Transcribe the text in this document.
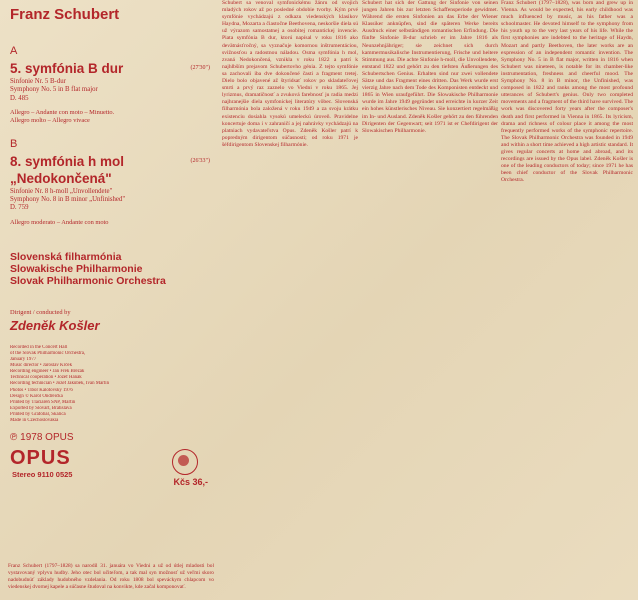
Franz Schubert
A
5. symfónia B dur	(27'30")
Sinfonie Nr. 5 B-dur
Symphony No. 5 in B flat major
D. 485
Allegro – Andante con moto – Minuetto.
Allegro molto – Allegro vivace
B
8. symfónia h mol	(26'33")
„Nedokončená"
Sinfonie Nr. 8 h-moll „Unvollendete"
Symphony No. 8 in B minor „Unfinished"
D. 759
Allegro moderato – Andante con moto
Slovenská filharmónia
Slowakische Philharmonie
Slovak Philharmonic Orchestra
Dirigent / conducted by
Zdeněk Košler
Recorded in the Concert Hall
of the Slovak Philharmonic Orchestra,
January 1977
Music director • Jaroslav Krček
Recording engineer • Jan Frek Brezák
Technical cooperation • Jozef Hanák
Recording technician • Jozef Jakúbek, Ivan Martin
Photos • Tibor Kalotovský 1976
Design © Karol Ondreička
Printed by Tlačiareň SNP, Martin
Exported by Slovart, Bratislava
Printed by Grafobal, Skalica
Made in Czechoslovakia
℗ 1978 OPUS
OPUS
Stereo 9110 0525
Kčs 36,-

Franz Schubert (1797–1828) sa narodil 31. januára vo Viedni a už od útlej mladosti bol vystavovaný vplyvu hudby. Jeho otec bol učiteľom, a tak mal syn možnosť už veľmi skoro nadobudnúť základy hudobného vzdelania. Od roku 1808 bol speváckym chlapcom vo viedenskej dvornej kapele a súčasne študoval na konvikte, kde začal komponovať.

Schubert sa venoval symfonickému žánru od svojich mladých rokov až po posledné obdobie tvorby. Kým prvé symfónie vychádzajú z odkazu viedenských klasikov Haydna, Mozarta a čiastočne Beethovena, neskoršie diela sú už výrazom samostatnej a osobitej romantickej invencie. Piata symfónia B dur, ktorú napísal v roku 1816 ako devätnásťročný, sa vyznačuje komornou inštrumentáciou, svižnosťou a radostnou náladou. Osma symfónia h mol, zvaná Nedokončená, vznikla v roku 1822 a patrí k najhlbším prejavom Schubertovho génia. Z tejto symfónie sa zachovali iba dve dokončené časti a fragment tretej. Dielo bolo objavené až štyridsať rokov po skladateľovej smrti a prvý raz zaznelo vo Viedni v roku 1865. Jej lyrizmus, dramatičnosť a zvuková farebnosť ju radia medzi najhranejšie diela symfonickej literatúry vôbec. Slovenská filharmónia bola založená v roku 1949 a za svoju krátku existenciu dosiahla vysokú umeleckú úroveň. Pravidelne koncertuje doma i v zahraničí a jej nahrávky vychádzajú na platniach vydavateľstva Opus. Zdeněk Košler patrí k popredným dirigentom súčasnosti; od roku 1971 je šéfdirigentom Slovenskej filharmónie.

Schubert hat sich der Gattung der Sinfonie von seinen jungen Jahren bis zur letzten Schaffensperiode gewidmet. Während die ersten Sinfonien an das Erbe der Wiener Klassiker anknüpfen, sind die späteren Werke bereits Ausdruck einer selbständigen romantischen Erfindung. Die fünfte Sinfonie B-dur schrieb er im Jahre 1816 als Neunzehnjähriger; sie zeichnet sich durch kammermusikalische Instrumentierung, Frische und heitere Stimmung aus. Die achte Sinfonie h-moll, die Unvollendete, entstand 1822 und gehört zu den tiefsten Äußerungen des Schubertschen Genius. Erhalten sind nur zwei vollendete Sätze und das Fragment eines dritten. Das Werk wurde erst vierzig Jahre nach dem Tode des Komponisten entdeckt und 1865 in Wien uraufgeführt. Die Slowakische Philharmonie wurde im Jahre 1949 gegründet und erreichte in kurzer Zeit ein hohes künstlerisches Niveau. Sie konzertiert regelmäßig im In- und Ausland. Zdeněk Košler gehört zu den führenden Dirigenten der Gegenwart; seit 1971 ist er Chefdirigent der Slowakischen Philharmonie.

Franz Schubert (1797–1828), was born and grew up in Vienna. As would be expected, his early childhood was much influenced by music, as his father was a schoolmaster. He devoted himself to the symphony from his youth up to the very last years of his life. While the first symphonies are indebted to the heritage of Haydn, Mozart and partly Beethoven, the later works are an expression of an independent romantic invention. The Symphony No. 5 in B flat major, written in 1816 when Schubert was nineteen, is notable for its chamber-like instrumentation, freshness and cheerful mood. The Symphony No. 8 in B minor, the Unfinished, was composed in 1822 and ranks among the most profound utterances of Schubert's genius. Only two completed movements and a fragment of the third have survived. The work was discovered forty years after the composer's death and first performed in Vienna in 1865. Its lyricism, drama and richness of colour place it among the most frequently performed works of the symphonic repertoire. The Slovak Philharmonic Orchestra was founded in 1949 and within a short time achieved a high artistic standard. It gives regular concerts at home and abroad, and its recordings are issued by the Opus label. Zdeněk Košler is one of the leading conductors of today; since 1971 he has been chief conductor of the Slovak Philharmonic Orchestra.
